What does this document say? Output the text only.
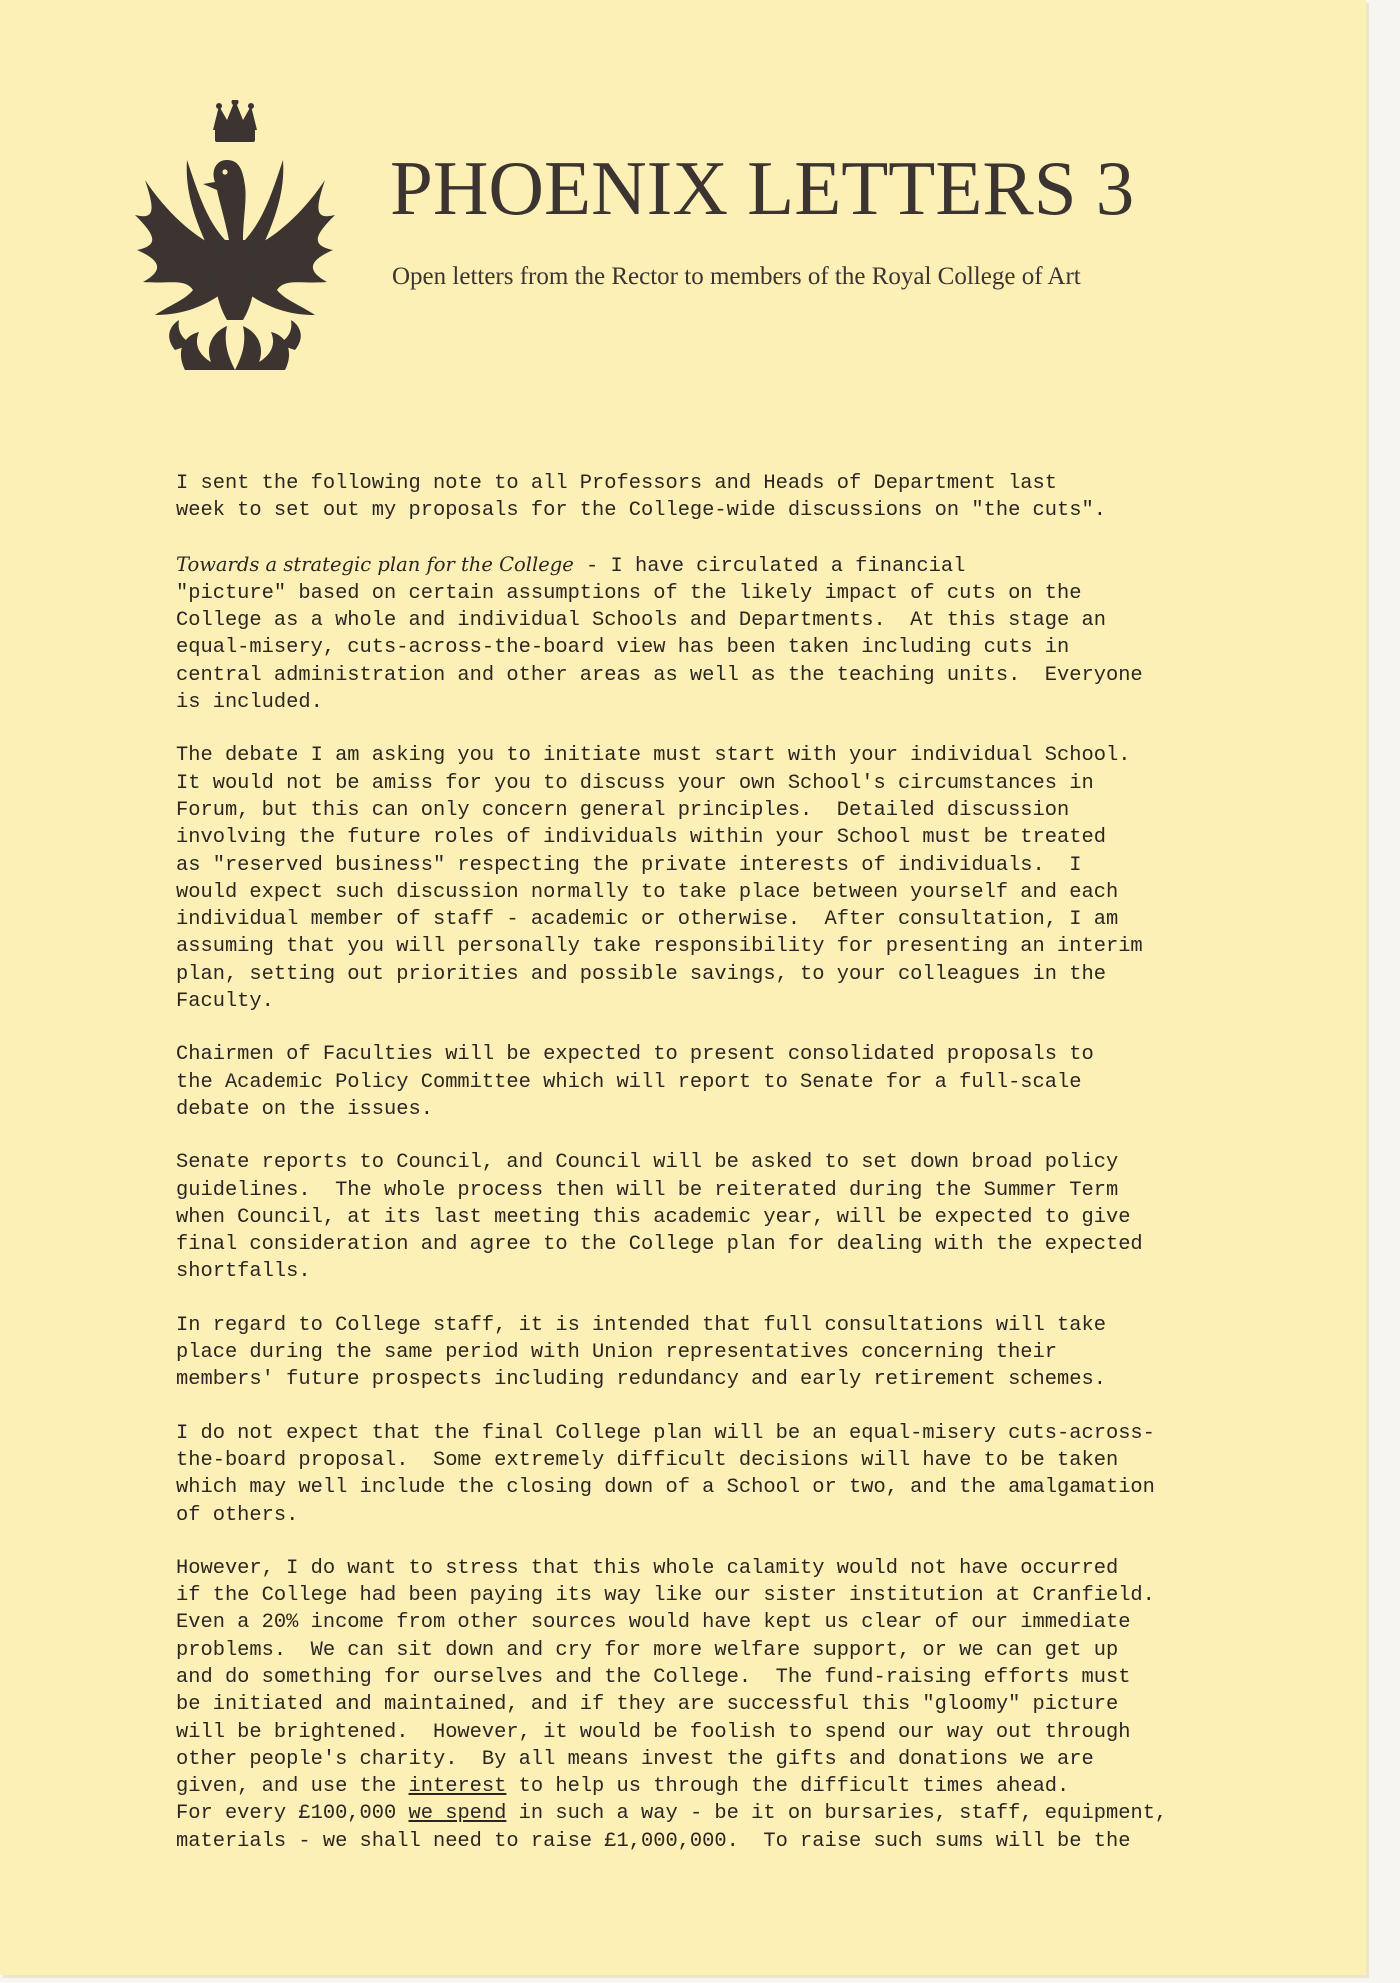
PHOENIX LETTERS 3
Open letters from the Rector to members of the Royal College of Art
I sent the following note to all Professors and Heads of Department last
week to set out my proposals for the College-wide discussions on "the cuts".
Towards a strategic plan for the College - I have circulated a financial
"picture" based on certain assumptions of the likely impact of cuts on the
College as a whole and individual Schools and Departments.  At this stage an
equal-misery, cuts-across-the-board view has been taken including cuts in
central administration and other areas as well as the teaching units.  Everyone
is included.
The debate I am asking you to initiate must start with your individual School.
It would not be amiss for you to discuss your own School's circumstances in
Forum, but this can only concern general principles.  Detailed discussion
involving the future roles of individuals within your School must be treated
as "reserved business" respecting the private interests of individuals.  I
would expect such discussion normally to take place between yourself and each
individual member of staff - academic or otherwise.  After consultation, I am
assuming that you will personally take responsibility for presenting an interim
plan, setting out priorities and possible savings, to your colleagues in the
Faculty.
Chairmen of Faculties will be expected to present consolidated proposals to
the Academic Policy Committee which will report to Senate for a full-scale
debate on the issues.
Senate reports to Council, and Council will be asked to set down broad policy
guidelines.  The whole process then will be reiterated during the Summer Term
when Council, at its last meeting this academic year, will be expected to give
final consideration and agree to the College plan for dealing with the expected
shortfalls.
In regard to College staff, it is intended that full consultations will take
place during the same period with Union representatives concerning their
members' future prospects including redundancy and early retirement schemes.
I do not expect that the final College plan will be an equal-misery cuts-across-
the-board proposal.  Some extremely difficult decisions will have to be taken
which may well include the closing down of a School or two, and the amalgamation
of others.
However, I do want to stress that this whole calamity would not have occurred
if the College had been paying its way like our sister institution at Cranfield.
Even a 20% income from other sources would have kept us clear of our immediate
problems.  We can sit down and cry for more welfare support, or we can get up
and do something for ourselves and the College.  The fund-raising efforts must
be initiated and maintained, and if they are successful this "gloomy" picture
will be brightened.  However, it would be foolish to spend our way out through
other people's charity.  By all means invest the gifts and donations we are
given, and use the interest to help us through the difficult times ahead.
For every £100,000 we spend in such a way - be it on bursaries, staff, equipment,
materials - we shall need to raise £1,000,000.  To raise such sums will be the
